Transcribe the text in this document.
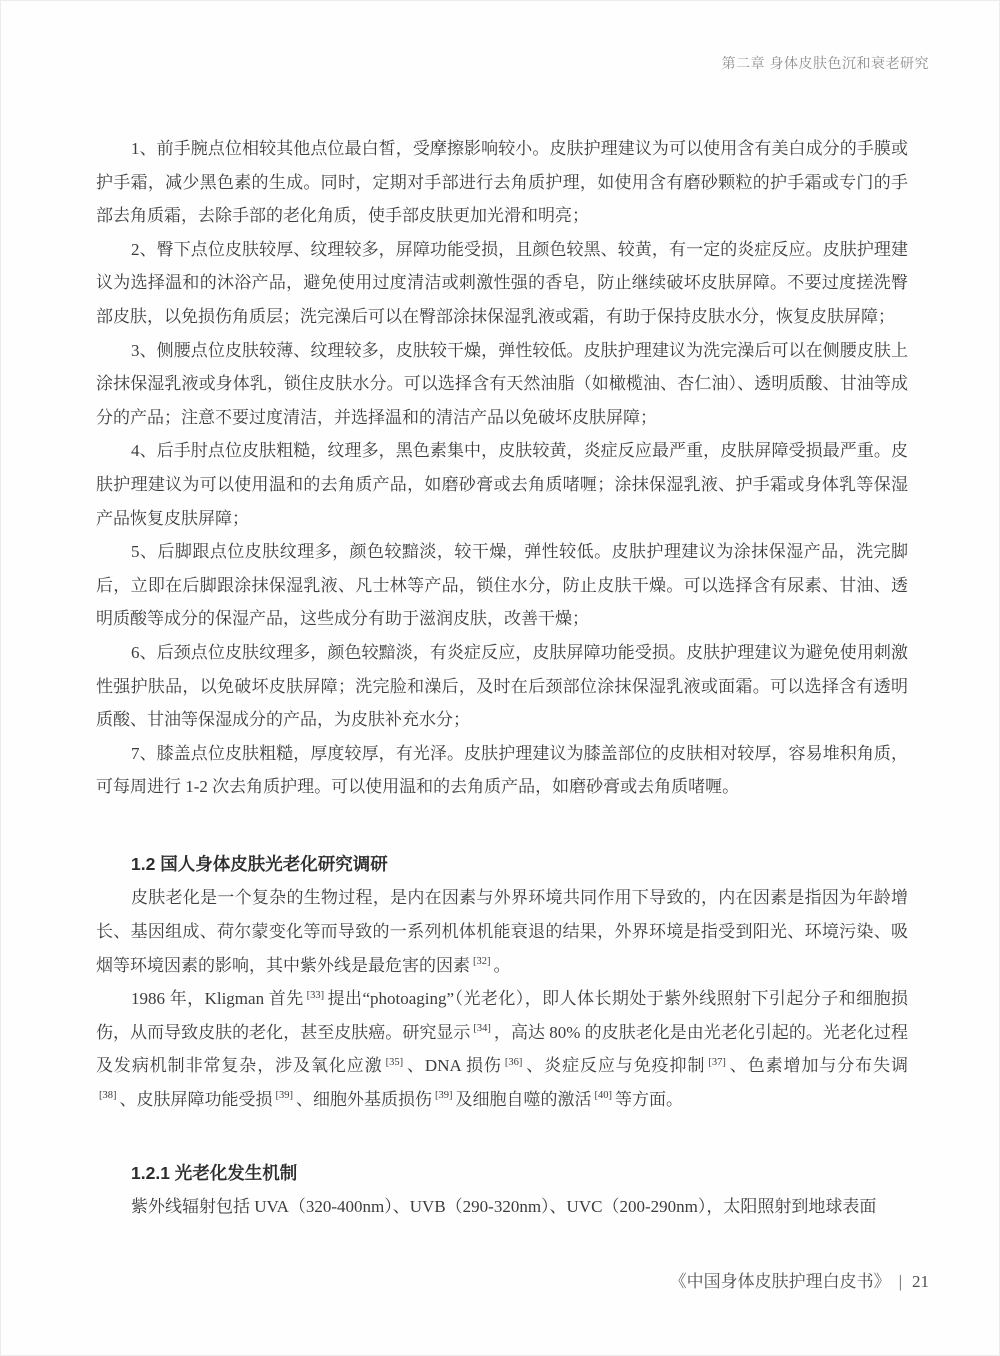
第二章 身体皮肤色沉和衰老研究

1、前手腕点位相较其他点位最白皙，受摩擦影响较小。皮肤护理建议为可以使用含有美白成分的手膜或护手霜，减少黑色素的生成。同时，定期对手部进行去角质护理，如使用含有磨砂颗粒的护手霜或专门的手部去角质霜，去除手部的老化角质，使手部皮肤更加光滑和明亮；

2、臀下点位皮肤较厚、纹理较多，屏障功能受损，且颜色较黑、较黄，有一定的炎症反应。皮肤护理建议为选择温和的沐浴产品，避免使用过度清洁或刺激性强的香皂，防止继续破坏皮肤屏障。不要过度搓洗臀部皮肤，以免损伤角质层；洗完澡后可以在臀部涂抹保湿乳液或霜，有助于保持皮肤水分，恢复皮肤屏障；

3、侧腰点位皮肤较薄、纹理较多，皮肤较干燥，弹性较低。皮肤护理建议为洗完澡后可以在侧腰皮肤上涂抹保湿乳液或身体乳，锁住皮肤水分。可以选择含有天然油脂（如橄榄油、杏仁油）、透明质酸、甘油等成分的产品；注意不要过度清洁，并选择温和的清洁产品以免破坏皮肤屏障；

4、后手肘点位皮肤粗糙，纹理多，黑色素集中，皮肤较黄，炎症反应最严重，皮肤屏障受损最严重。皮肤护理建议为可以使用温和的去角质产品，如磨砂膏或去角质啫喱；涂抹保湿乳液、护手霜或身体乳等保湿产品恢复皮肤屏障；

5、后脚跟点位皮肤纹理多，颜色较黯淡，较干燥，弹性较低。皮肤护理建议为涂抹保湿产品，洗完脚后，立即在后脚跟涂抹保湿乳液、凡士林等产品，锁住水分，防止皮肤干燥。可以选择含有尿素、甘油、透明质酸等成分的保湿产品，这些成分有助于滋润皮肤，改善干燥；

6、后颈点位皮肤纹理多，颜色较黯淡，有炎症反应，皮肤屏障功能受损。皮肤护理建议为避免使用刺激性强护肤品，以免破坏皮肤屏障；洗完脸和澡后，及时在后颈部位涂抹保湿乳液或面霜。可以选择含有透明质酸、甘油等保湿成分的产品，为皮肤补充水分；

7、膝盖点位皮肤粗糙，厚度较厚，有光泽。皮肤护理建议为膝盖部位的皮肤相对较厚，容易堆积角质，可每周进行 1-2 次去角质护理。可以使用温和的去角质产品，如磨砂膏或去角质啫喱。

1.2 国人身体皮肤光老化研究调研

皮肤老化是一个复杂的生物过程，是内在因素与外界环境共同作用下导致的，内在因素是指因为年龄增长、基因组成、荷尔蒙变化等而导致的一系列机体机能衰退的结果，外界环境是指受到阳光、环境污染、吸烟等环境因素的影响，其中紫外线是最危害的因素 [32] 。

1986 年，Kligman 首先 [33] 提出“photoaging”（光老化），即人体长期处于紫外线照射下引起分子和细胞损伤，从而导致皮肤的老化，甚至皮肤癌。研究显示 [34] ，高达 80% 的皮肤老化是由光老化引起的。光老化过程及发病机制非常复杂，涉及氧化应激 [35] 、DNA 损伤 [36] 、炎症反应与免疫抑制 [37] 、色素增加与分布失调[38] 、皮肤屏障功能受损 [39] 、细胞外基质损伤 [39] 及细胞自噬的激活 [40] 等方面。

1.2.1 光老化发生机制

紫外线辐射包括 UVA（320-400nm）、UVB（290-320nm）、UVC（200-290nm），太阳照射到地球表面

《中国身体皮肤护理白皮书》 | 21
